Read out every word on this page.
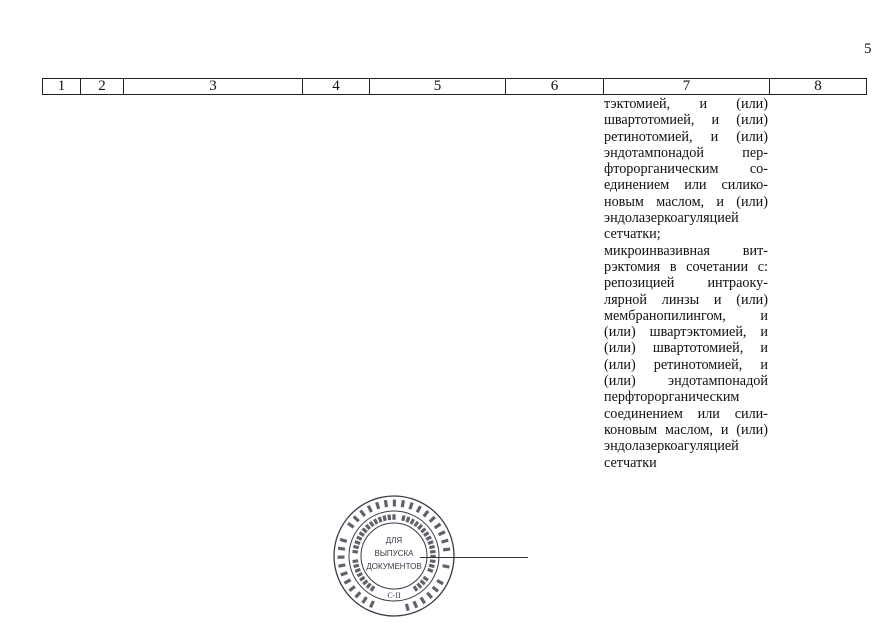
5
1	2	3	4	5	6	7	8
тэктомией, и (или)
швартотомией, и (или)
ретинотомией, и (или)
эндотампонадой пер-
фторорганическим со-
единением или силико-
новым маслом, и (или)
эндолазеркоагуляцией
сетчатки;
микроинвазивная вит-
рэктомия в сочетании с:
репозицией интраоку-
лярной линзы и (или)
мембранопилингом, и
(или) швартэктомией, и
(или) швартотомией, и
(или) ретинотомией, и
(или) эндотампонадой
перфторорганическим
соединением или сили-
коновым маслом, и (или)
эндолазеркоагуляцией
сетчатки
ДЛЯ
ВЫПУСКА
ДОКУМЕНТОВ
С-II
